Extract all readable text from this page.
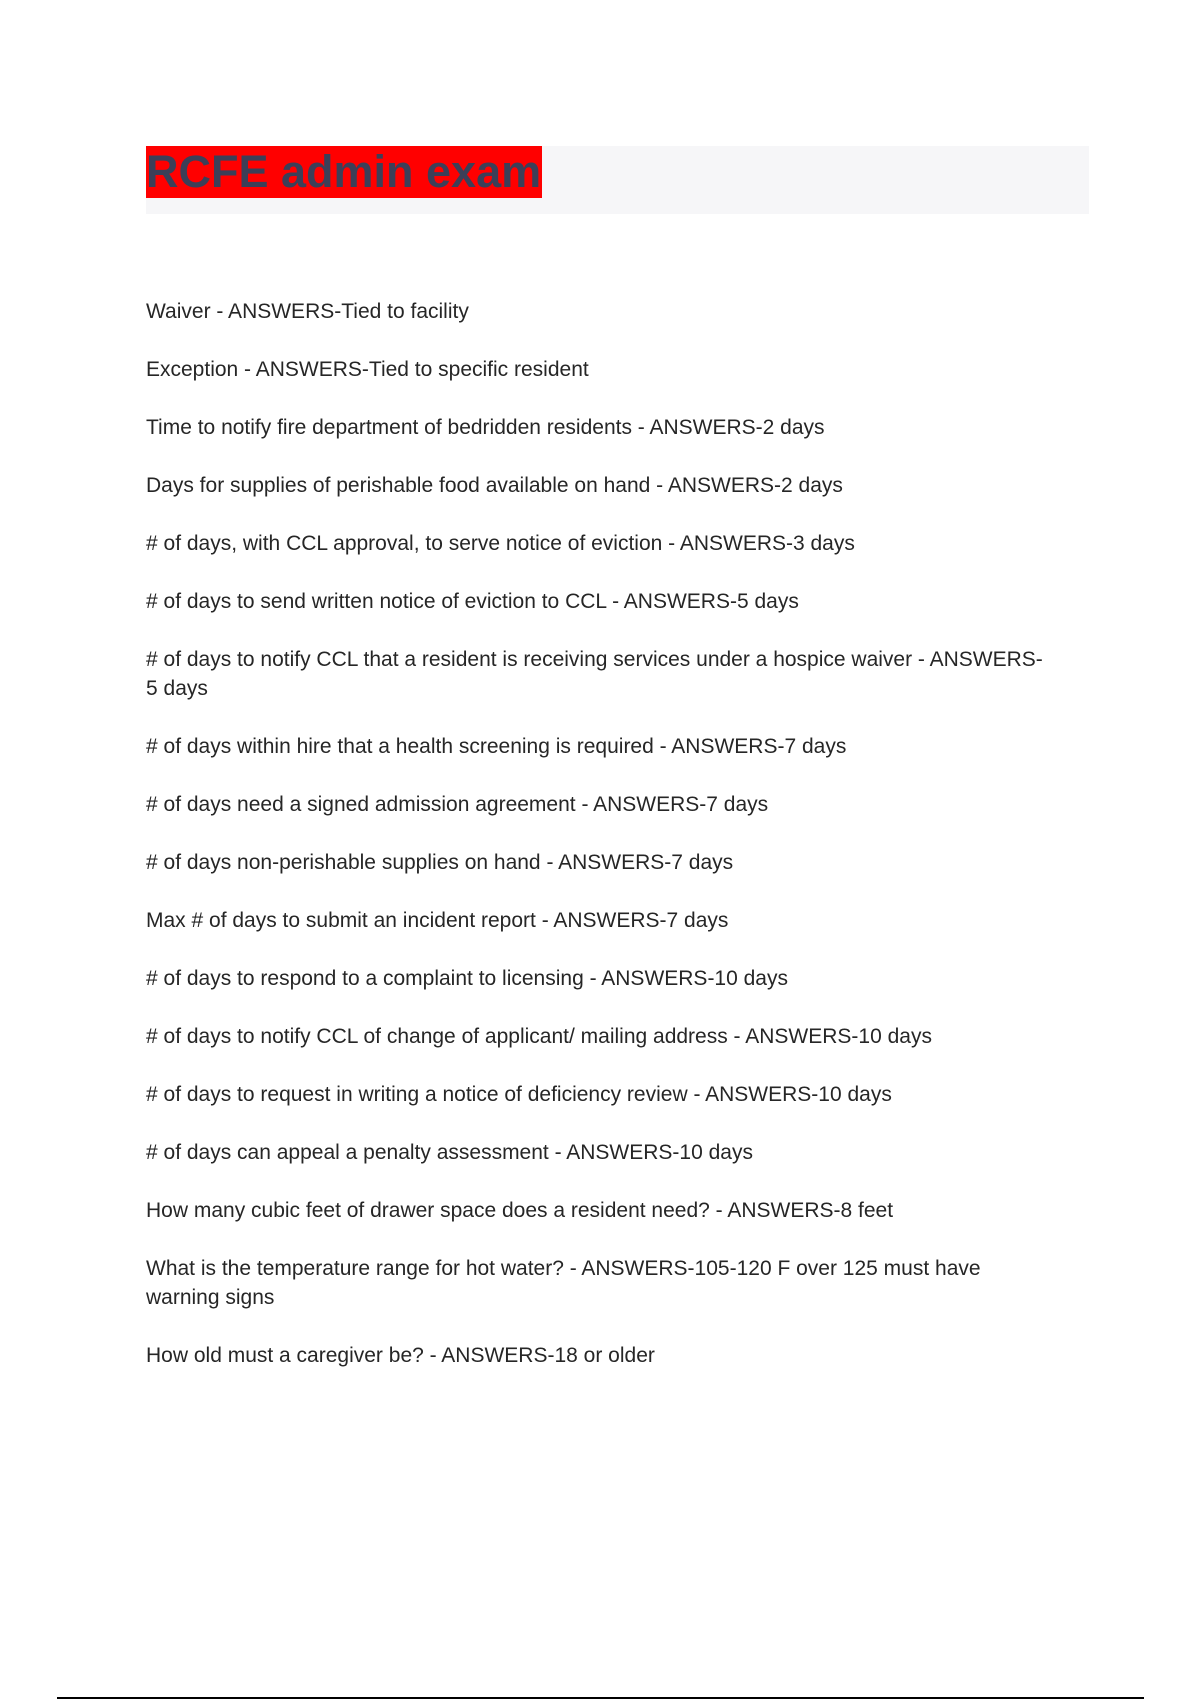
RCFE admin exam
Waiver - ANSWERS-Tied to facility
Exception - ANSWERS-Tied to specific resident
Time to notify fire department of bedridden residents - ANSWERS-2 days
Days for supplies of perishable food available on hand - ANSWERS-2 days
# of days, with CCL approval, to serve notice of eviction - ANSWERS-3 days
# of days to send written notice of eviction to CCL - ANSWERS-5 days
# of days to notify CCL that a resident is receiving services under a hospice waiver - ANSWERS-5 days
# of days within hire that a health screening is required - ANSWERS-7 days
# of days need a signed admission agreement - ANSWERS-7 days
# of days non-perishable supplies on hand - ANSWERS-7 days
Max # of days to submit an incident report - ANSWERS-7 days
# of days to respond to a complaint to licensing - ANSWERS-10 days
# of days to notify CCL of change of applicant/ mailing address - ANSWERS-10 days
# of days to request in writing a notice of deficiency review - ANSWERS-10 days
# of days can appeal a penalty assessment - ANSWERS-10 days
How many cubic feet of drawer space does a resident need? - ANSWERS-8 feet
What is the temperature range for hot water? - ANSWERS-105-120 F over 125 must have warning signs
How old must a caregiver be? - ANSWERS-18 or older
